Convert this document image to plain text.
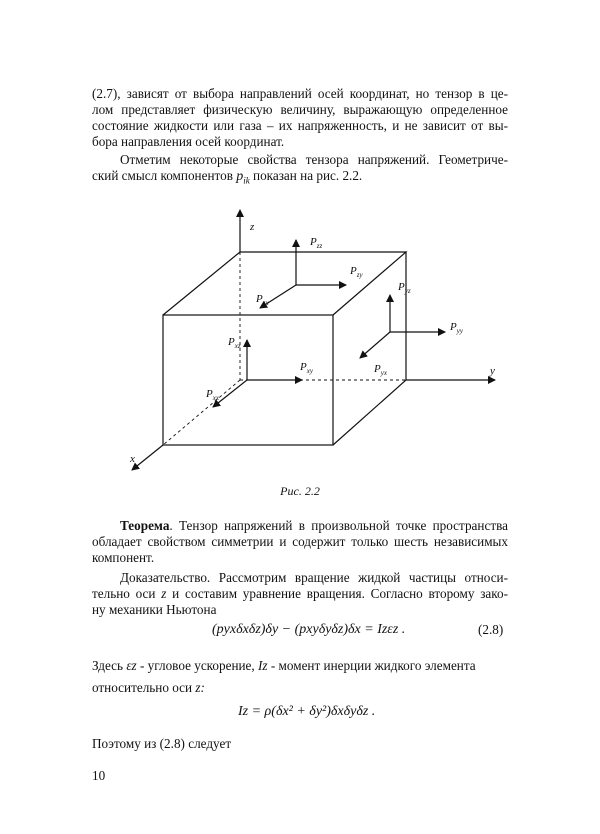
(2.7), зависят от выбора направлений осей координат, но тензор в це-
лом представляет физическую величину, выражающую определенное
состояние жидкости или газа – их напряженность, и не зависит от вы-
бора направления осей координат.
Отметим некоторые свойства тензора напряжений. Геометриче-
ский смысл компонентов $p_{ik}$ показан на рис. 2.2.
z
y
x
$P_{zz}$
$P_{zy}$
$P_{zx}$
$P_{xz}$
$P_{xy}$
$P_{xx}$
$P_{yz}$
$P_{yy}$
$P_{yx}$
Рис. 2.2
Теорема. Тензор напряжений в произвольной точке пространства
обладает свойством симметрии и содержит только шесть независимых
компонент.
Доказательство. Рассмотрим вращение жидкой частицы относи-
тельно оси z и составим уравнение вращения. Согласно второму зако-
ну механики Ньютона
(pyxδxδz)δy − (pxyδyδz)δx = Izεz .	(2.8)
Здесь εz - угловое ускорение, Iz - момент инерции жидкого элемента
относительно оси z:
Iz = ρ(δx² + δy²)δxδyδz .
Поэтому из (2.8) следует
10
